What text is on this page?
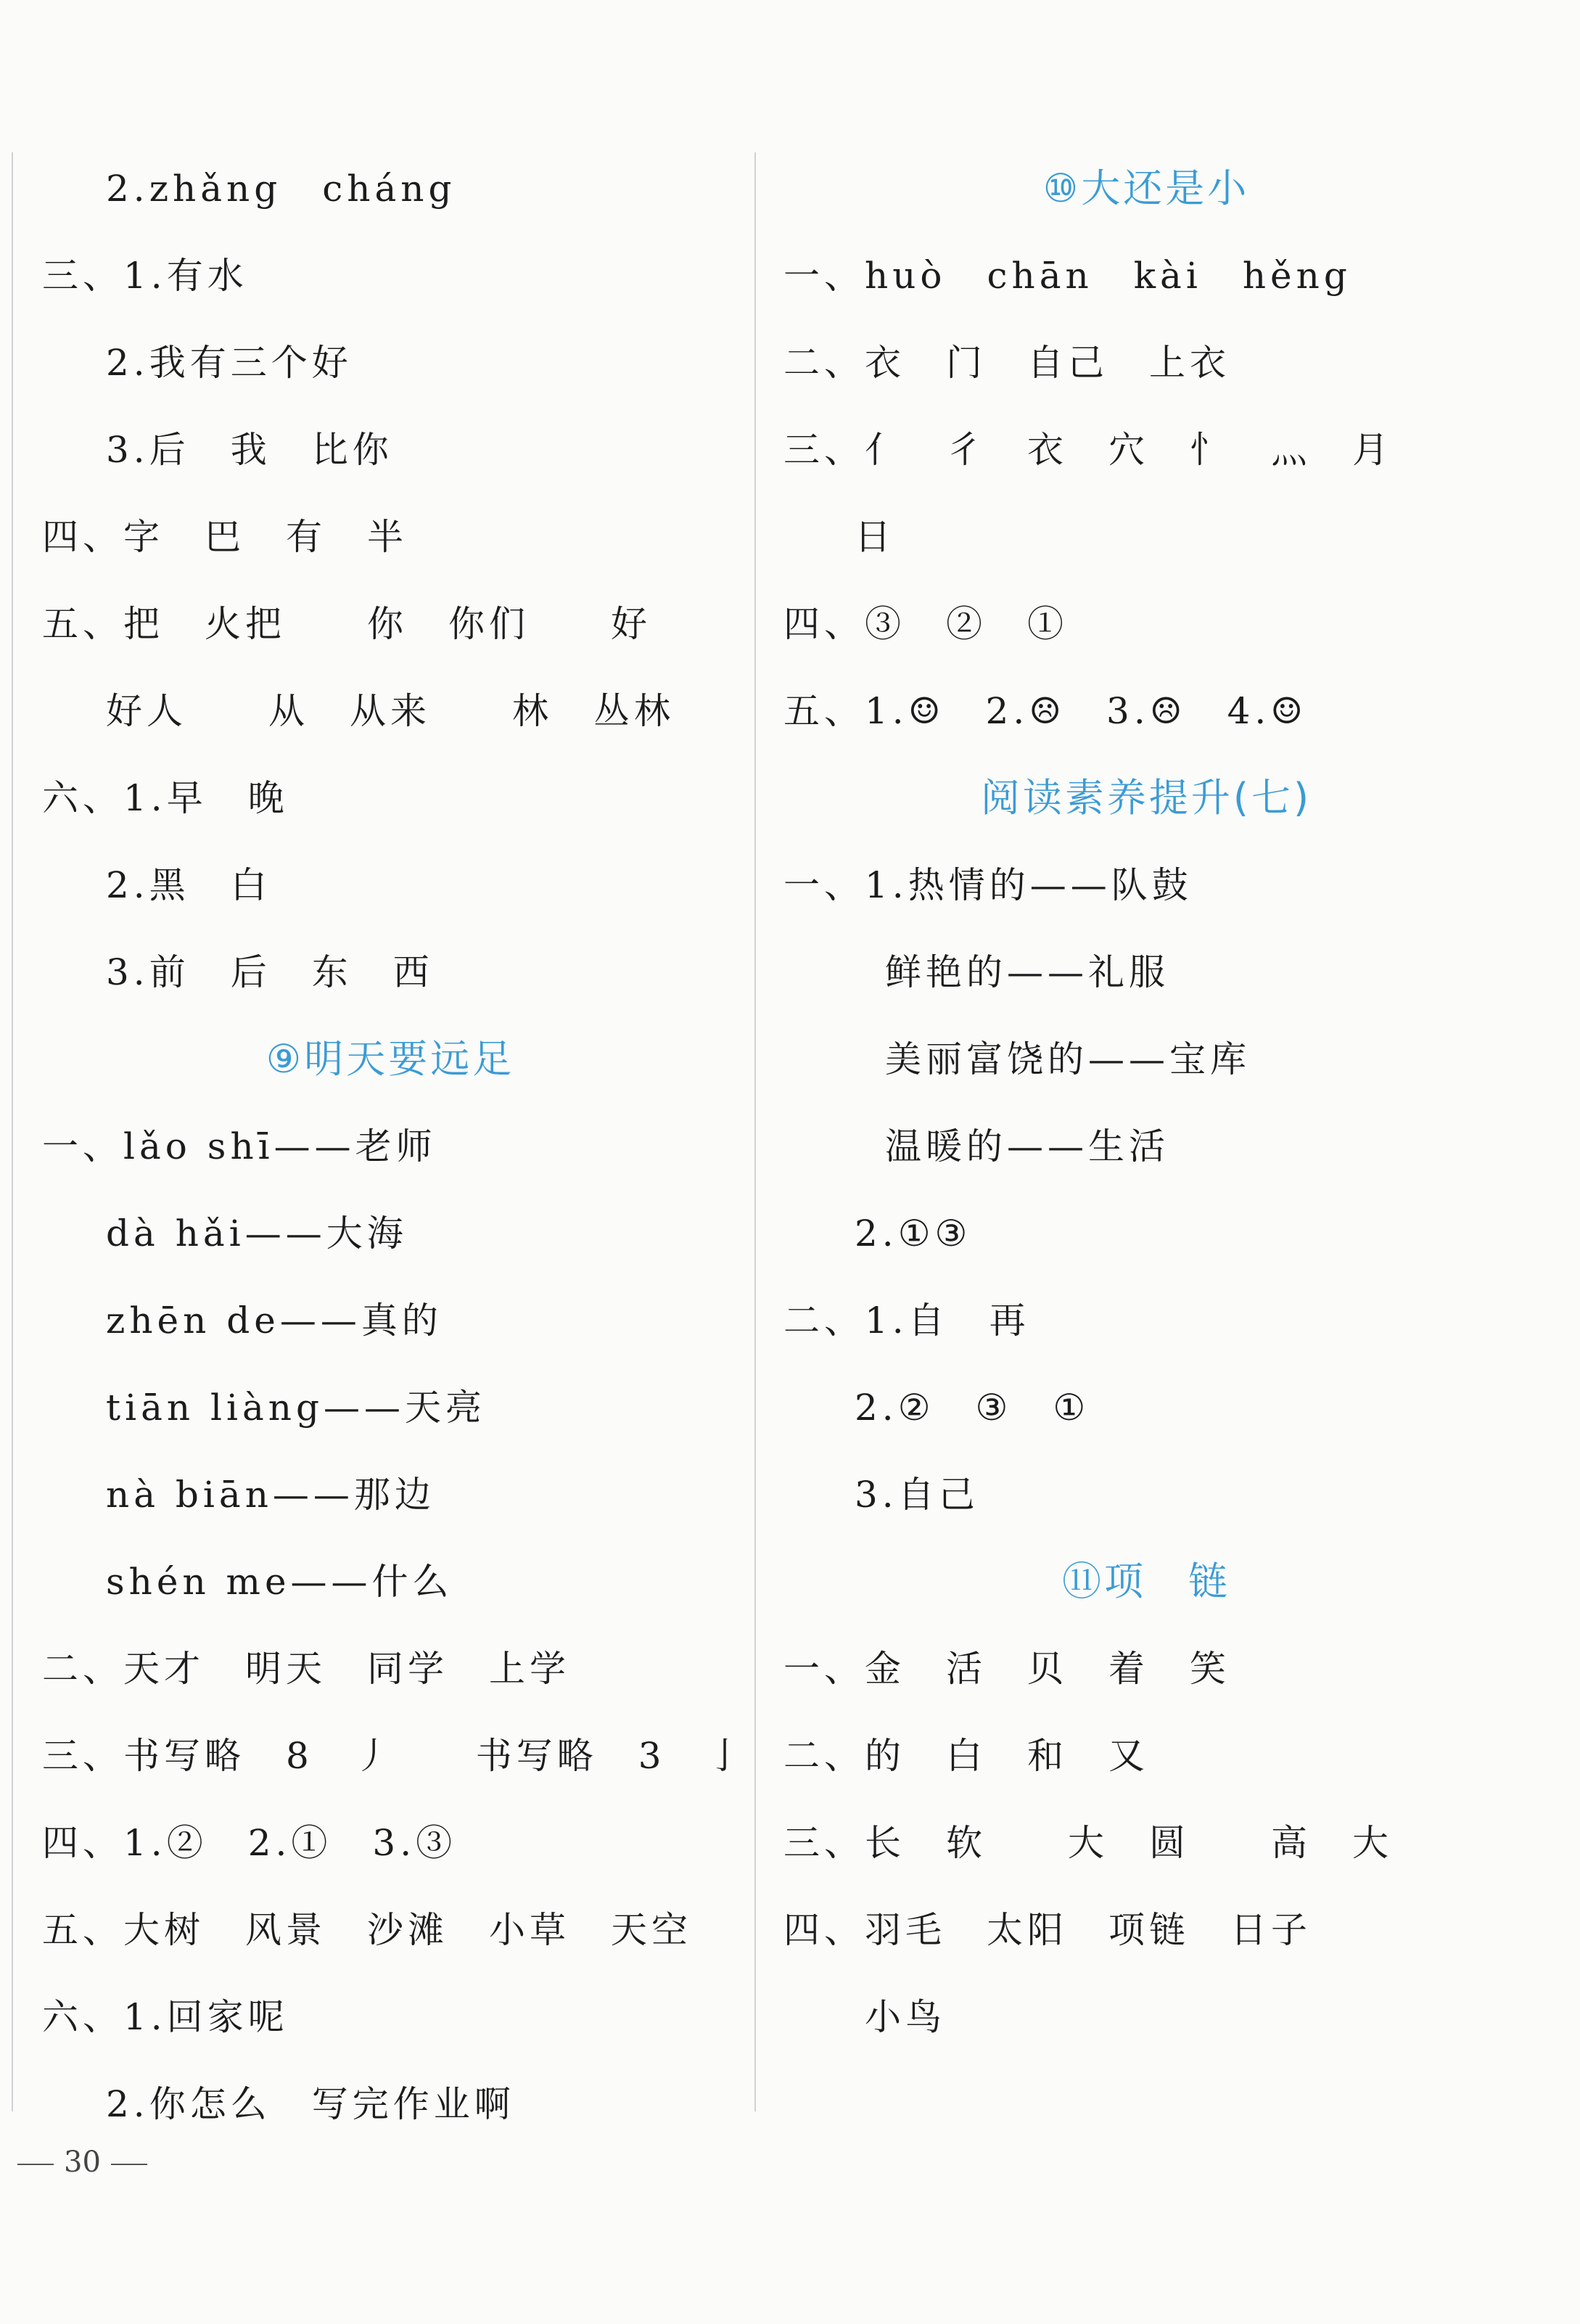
2.zhǎng　cháng
三、1.有水
2.我有三个好
3.后　我　比你
四、字　巴　有　半
五、把　火把　　你　你们　　好
好人　　从　从来　　林　丛林
六、1.早　晚
2.黑　白
3.前　后　东　西
⑨明天要远足
一、lǎo shī——老师
dà hǎi——大海
zhēn de——真的
tiān liàng——天亮
nà biān——那边
shén me——什么
二、天才　明天　同学　上学
三、书写略　8　丿　　书写略　3　亅
四、1.②　2.①　3.③
五、大树　风景　沙滩　小草　天空
六、1.回家呢
2.你怎么　写完作业啊
⑩大还是小
一、huò　chān　kài　hěng
二、衣　门　自己　上衣
三、亻　彳　衣　穴　忄　灬　月
日
四、③　②　①
五、1.☺　2.☹　3.☹　4.☺
阅读素养提升(七)
一、1.热情的——队鼓
鲜艳的——礼服
美丽富饶的——宝库
温暖的——生活
2.①③
二、1.自　再
2.②　③　①
3.自己
⑪项　链
一、金　活　贝　着　笑
二、的　白　和　又
三、长　软　　大　圆　　高　大
四、羽毛　太阳　项链　日子
小鸟
30
